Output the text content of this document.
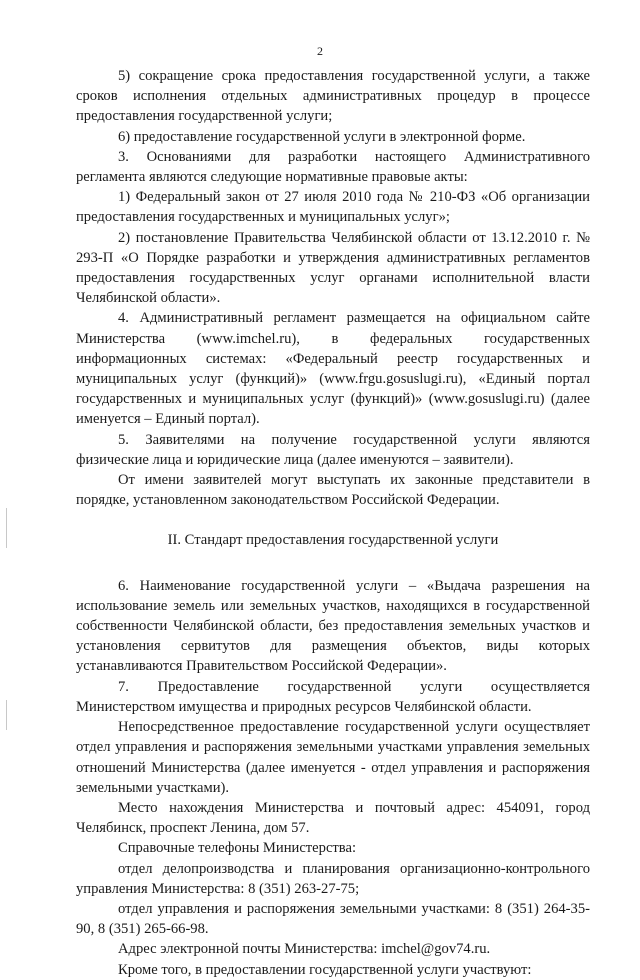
2

5) сокращение срока предоставления государственной услуги, а также сроков исполнения отдельных административных процедур в процессе предоставления государственной услуги;

6) предоставление государственной услуги в электронной форме.

3. Основаниями для разработки настоящего Административного регламента являются следующие нормативные правовые акты:

1) Федеральный закон от 27 июля 2010 года № 210-ФЗ «Об организации предоставления государственных и муниципальных услуг»;

2) постановление Правительства Челябинской области от 13.12.2010 г. № 293-П «О Порядке разработки и утверждения административных регламентов предоставления государственных услуг органами исполнительной власти Челябинской области».

4. Административный регламент размещается на официальном сайте Министерства (www.imchel.ru), в федеральных государственных информационных системах: «Федеральный реестр государственных и муниципальных услуг (функций)» (www.frgu.gosuslugi.ru), «Единый портал государственных и муниципальных услуг (функций)» (www.gosuslugi.ru) (далее именуется – Единый портал).

5. Заявителями на получение государственной услуги являются физические лица и юридические лица (далее именуются – заявители).

От имени заявителей могут выступать их законные представители в порядке, установленном законодательством Российской Федерации.

II. Стандарт предоставления государственной услуги

6. Наименование государственной услуги – «Выдача разрешения на использование земель или земельных участков, находящихся в государственной собственности Челябинской области, без предоставления земельных участков и установления сервитутов для размещения объектов, виды которых устанавливаются Правительством Российской Федерации».

7. Предоставление государственной услуги осуществляется Министерством имущества и природных ресурсов Челябинской области.

Непосредственное предоставление государственной услуги осуществляет отдел управления и распоряжения земельными участками управления земельных отношений Министерства (далее именуется - отдел управления и распоряжения земельными участками).

Место нахождения Министерства и почтовый адрес: 454091, город Челябинск, проспект Ленина, дом 57.

Справочные телефоны Министерства:

отдел делопроизводства и планирования организационно-контрольного управления Министерства: 8 (351) 263-27-75;

отдел управления и распоряжения земельными участками: 8 (351) 264-35-90, 8 (351) 265-66-98.

Адрес электронной почты Министерства: imchel@gov74.ru.

Кроме того, в предоставлении государственной услуги участвуют:
